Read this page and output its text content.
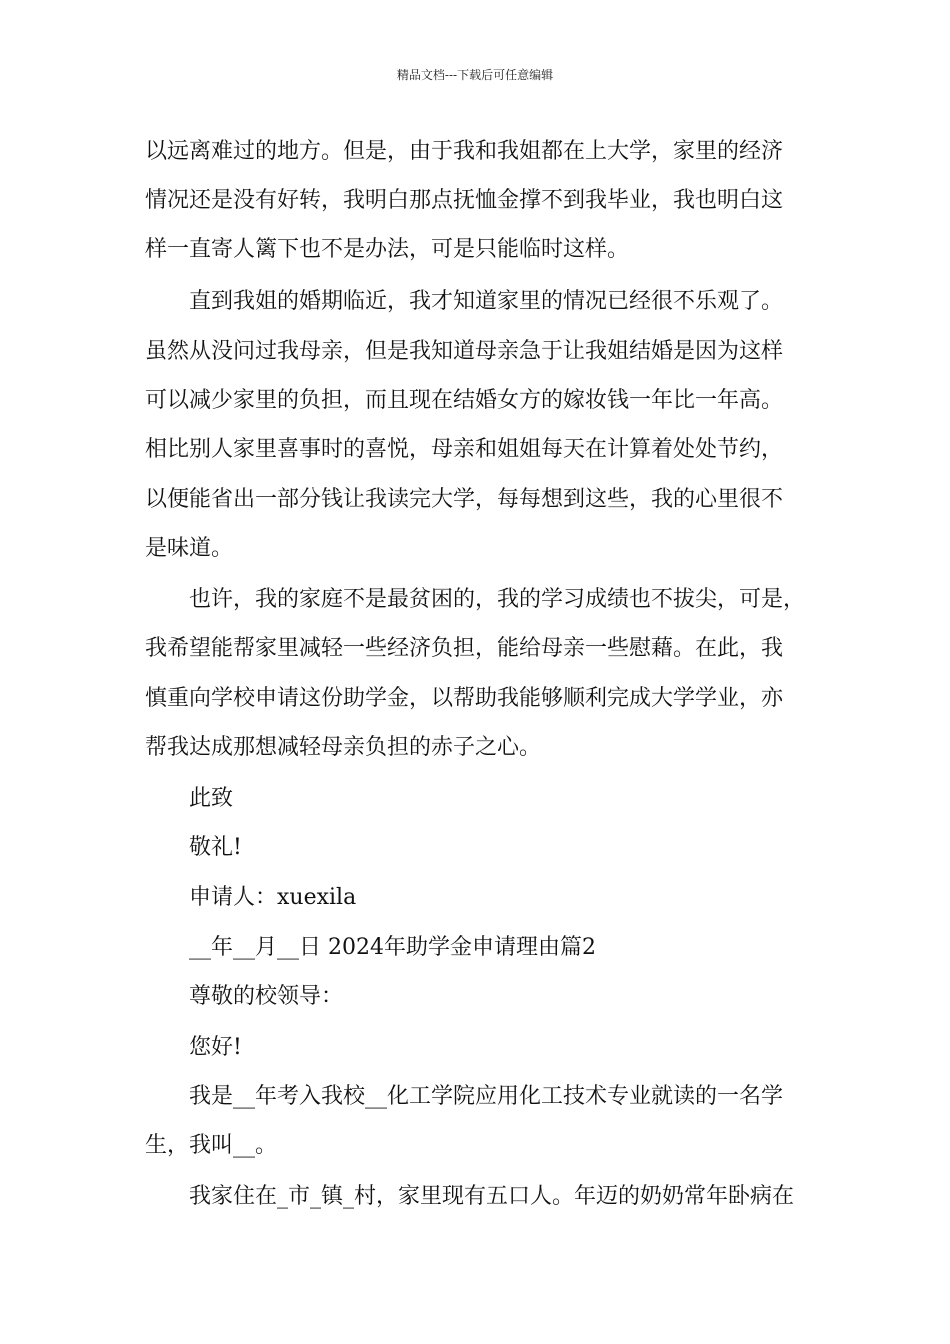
精品文档---下载后可任意编辑
以远离难过的地方。但是，由于我和我姐都在上大学，家里的经济
情况还是没有好转，我明白那点抚恤金撑不到我毕业，我也明白这
样一直寄人篱下也不是办法，可是只能临时这样。
直到我姐的婚期临近，我才知道家里的情况已经很不乐观了。
虽然从没问过我母亲，但是我知道母亲急于让我姐结婚是因为这样
可以减少家里的负担，而且现在结婚女方的嫁妆钱一年比一年高。
相比别人家里喜事时的喜悦，母亲和姐姐每天在计算着处处节约，
以便能省出一部分钱让我读完大学，每每想到这些，我的心里很不
是味道。
也许，我的家庭不是最贫困的，我的学习成绩也不拔尖，可是，
我希望能帮家里减轻一些经济负担，能给母亲一些慰藉。在此，我
慎重向学校申请这份助学金，以帮助我能够顺利完成大学学业，亦
帮我达成那想减轻母亲负担的赤子之心。
此致
敬礼!
申请人：xuexila
__年__月__日 2024年助学金申请理由篇2
尊敬的校领导：
您好!
我是__年考入我校__化工学院应用化工技术专业就读的一名学
生，我叫__。
我家住在_市_镇_村，家里现有五口人。年迈的奶奶常年卧病在
